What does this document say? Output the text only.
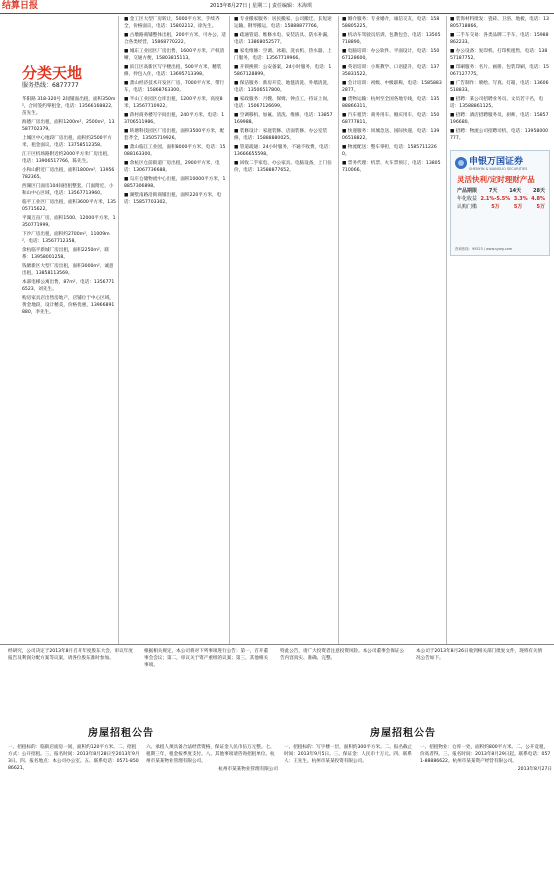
结算日报	2013年8月27日 | 星期二 | 责任编辑：木海琪
分类天地
服务热线：6877777
华阳路 318-320号 2间铺面出租，面积350m²，合同签约零租金，电话：13566168822,苗先生。
海德厂房出租，面积1200m²，2500m²，13587702379。
上城区中心地段厂房出租，面积约2500平方米，租金面议，电话：13758512358。
江干区机场路附近约2000平方米厂房出租，电话：13906517766，陈先生。
小和山附近厂房出租，面积1800m²，13956782365。
西湖区门面房104间招租整套，门面附近，小和山中心区域，电话：13567713960。
临平工业区厂房出租，面积3600平方米，13505715622。
平湖万亩厂房，面积1500、12000平方米，1350771999。
下沙厂房出租，面积约2700m²，11009m²，电话：13567712358。
余杭临平新城厂房出租，面积2250m²，联系：13958001258。
钱塘新区大型厂房出租，面积3000m²，诚意出租，13858113569。
本部电梯公寓出售，87m²，电话：13567716523，刘先生。
购房家具店出售房地产，店铺位于中心区域，黄金地段，设计精美，价格优惠，13966891880，李先生。
■ 金工区大型厂房转让，5000平方米，手续齐全，价格面议，电话：15802212，徐先生。
■ 古墩路商铺整体出租，200平方米，可办公，适合各类经营，15868770222。
■ 城东工业园区厂房出售，1600平方米，产权清晰，交通方便，15803815113。
■ 滨江区高新区写字楼出租，500平方米，精装修，拎包入住，电话：13695713398。
■ 萧山经济技术开发区厂房，7000平方米，带行车，电话：15868763300。
■ 半山工业园区仓库出租，1200平方米，高度8米，13567710922。
■ 蒋村商务楼写字间出租，240平方米，电话：13706511986。
■ 转塘科技园区厂房出租，面积3500平方米，配套齐全，13505719926。
■ 萧山临江工业园，面积8000平方米，电话：15088163300。
■ 余杭区仓前街道厂房出租，2900平方米，电话：13067736688。
■ 勾庄仓储物流中心出租，面积10000平方米，18857306898。
■ 湖墅南路沿街商铺出租，面积220平方米，电话：15857703302。
■ 专业搬家服务：居民搬家、公司搬迁、长短途运输、钢琴搬运，电话：15888877766。
■ 疏通管道、维修水电、安装洁具、防水补漏，电话：13868052577。
■ 家电维修：空调、冰箱、洗衣机、热水器，上门服务，电话：13567719966。
■ 开锁换锁：公安备案，24小时服务，电话：15867128899。
■ 保洁服务：新房开荒、地毯清洗、外墙清洗，电话：13506517800。
■ 家政服务：月嫂、保姆、钟点工，持证上岗，电话：15067126699。
■ 空调移机、加氟、清洗、维修，电话：13857169988。
■ 装修设计：家庭装修、店面装修、办公室装修，电话：15888880025。
■ 管道疏通：24小时服务，不通不收费，电话：13666655598。
■ 回收二手家电、办公家具、电脑设备，上门估价，电话：13588877652。
■ 婚介服务：专业婚介，诚信交友，电话：15858805225。
■ 机动车驾驶员培训，包教包会，电话：13505718890。
■ 电脑培训：办公软件、平面设计，电话：15067128600。
■ 英语培训：小班教学、口语提升，电话：13735831522。
■ 会计培训：初级、中级职称，电话：15858832877。
■ 货物运输：杭州至全国各地专线，电话：13588866311。
■ 汽车租赁：商务用车、婚庆用车，电话：15068777811。
■ 快递服务：同城急送、国际快递，电话：13906518822。
■ 物流配送：整车零担，电话：15857112260。
■ 票务代理：机票、火车票预订，电话：13805710066。
■ 装饰材料批发：瓷砖、卫浴、地板，电话：13805718866。
■ 二手车交易：各类品牌二手车，电话：15988862233。
■ 办公设备：复印机、打印机租售，电话：13857187752。
■ 印刷服务：名片、画册、包装印刷，电话：15067127775。
■ 广告制作：喷绘、写真、灯箱，电话：13606518833。
■ 招聘：某公司招聘业务员、文员若干名，电话：13588861125。
■ 招聘：酒店招聘服务员、厨师，电话：15857196680。
■ 招聘：物流公司招聘司机，电话：13958000777。
申银万国证券
SHENYIN & WANGUO SECURITIES
灵活快利/定时理财产品
产品期限 7天 14天 28天
年化收益 2.1%-5.5% 3.3% 4.8%
认购门槛	5万	5万	5万
咨询热线：95523 / www.sywg.com

经研究，公司决定于2013年8月召开年度股东大会，审议年度报告及利润分配方案等议案，请各位股东准时参加。

根据相关规定，本公司将对下列事项进行公告：第一，召开董事会会议；第二，审议关于资产重组的议案；第三，其他相关事项。

特此公告，请广大投资者注意投资风险。本公司董事会保证公告内容真实、准确、完整。

本公司于2013年8月26日收到相关部门批复文件，现将有关情况公告如下。

房屋招租公告	房屋招租公告

一、招租标的：临街店面房一间，面积约120平方米。二、招租方式：公开招租。三、报名时间：2013年8月28日至2013年9月3日。四、报名地点：本公司办公室。五、联系电话：0571-85086621。

六、承租人须具备合法经营资格，保证金人民币伍万元整。七、租期三年，租金按季度支付。八、其他事项请咨询招租单位。杭州市某某物业管理有限公司。

杭州市某某物业管理有限公司

一、招租标的：写字楼一层，面积约300平方米。二、报名截止时间：2013年9月5日。三、保证金：人民币十万元。四、联系人：王先生。杭州市某某投资有限公司。

一、招租物业：仓库一处，面积约800平方米。二、公开竞租，价高者得。三、报名时间：2013年8月29日起。联系电话：0571-88886622。杭州市某某资产经营有限公司。

2013年8月27日
